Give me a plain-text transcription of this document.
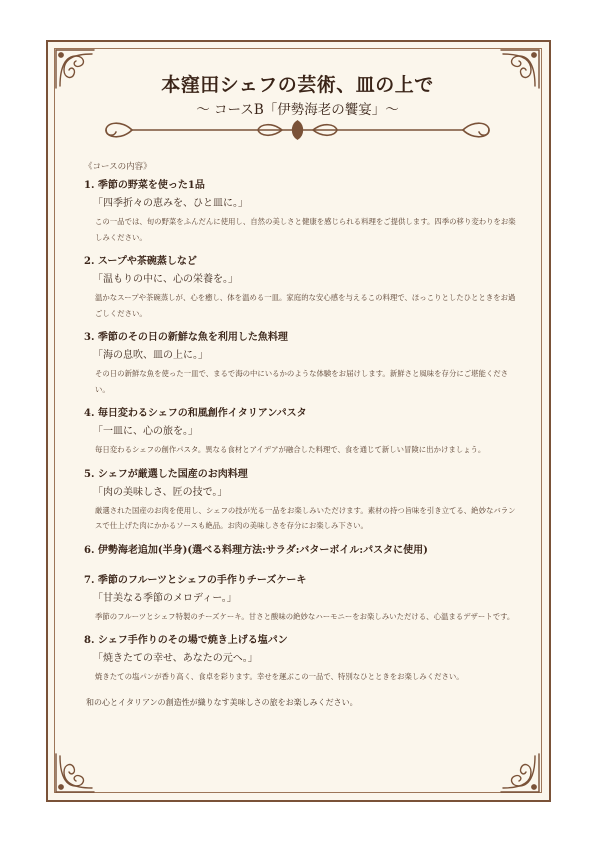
本窪田シェフの芸術、皿の上で
〜 コースB「伊勢海老の饗宴」〜
《コースの内容》
1. 季節の野菜を使った1品
「四季折々の恵みを、ひと皿に。」
この一品では、旬の野菜をふんだんに使用し、自然の美しさと健康を感じられる料理をご提供します。四季の移り変わりをお楽しみください。
2. スープや茶碗蒸しなど
「温もりの中に、心の栄養を。」
温かなスープや茶碗蒸しが、心を癒し、体を温める一皿。家庭的な安心感を与えるこの料理で、ほっこりとしたひとときをお過ごしください。
3. 季節のその日の新鮮な魚を利用した魚料理
「海の息吹、皿の上に。」
その日の新鮮な魚を使った一皿で、まるで海の中にいるかのような体験をお届けします。新鮮さと風味を存分にご堪能ください。
4. 毎日変わるシェフの和風創作イタリアンパスタ
「一皿に、心の旅を。」
毎日変わるシェフの創作パスタ。異なる食材とアイデアが融合した料理で、食を通じて新しい冒険に出かけましょう。
5. シェフが厳選した国産のお肉料理
「肉の美味しさ、匠の技で。」
厳選された国産のお肉を使用し、シェフの技が光る一品をお楽しみいただけます。素材の持つ旨味を引き立てる、絶妙なバランスで仕上げた肉にかかるソースも絶品。お肉の美味しさを存分にお楽しみ下さい。
6. 伊勢海老追加(半身)(選べる料理方法:サラダ:バターボイル:パスタに使用)
7. 季節のフルーツとシェフの手作りチーズケーキ
「甘美なる季節のメロディー。」
季節のフルーツとシェフ特製のチーズケーキ。甘さと酸味の絶妙なハーモニーをお楽しみいただける、心温まるデザートです。
8. シェフ手作りのその場で焼き上げる塩パン
「焼きたての幸せ、あなたの元へ。」
焼きたての塩パンが香り高く、食卓を彩ります。幸せを運ぶこの一品で、特別なひとときをお楽しみください。
和の心とイタリアンの創造性が織りなす美味しさの旅をお楽しみください。
